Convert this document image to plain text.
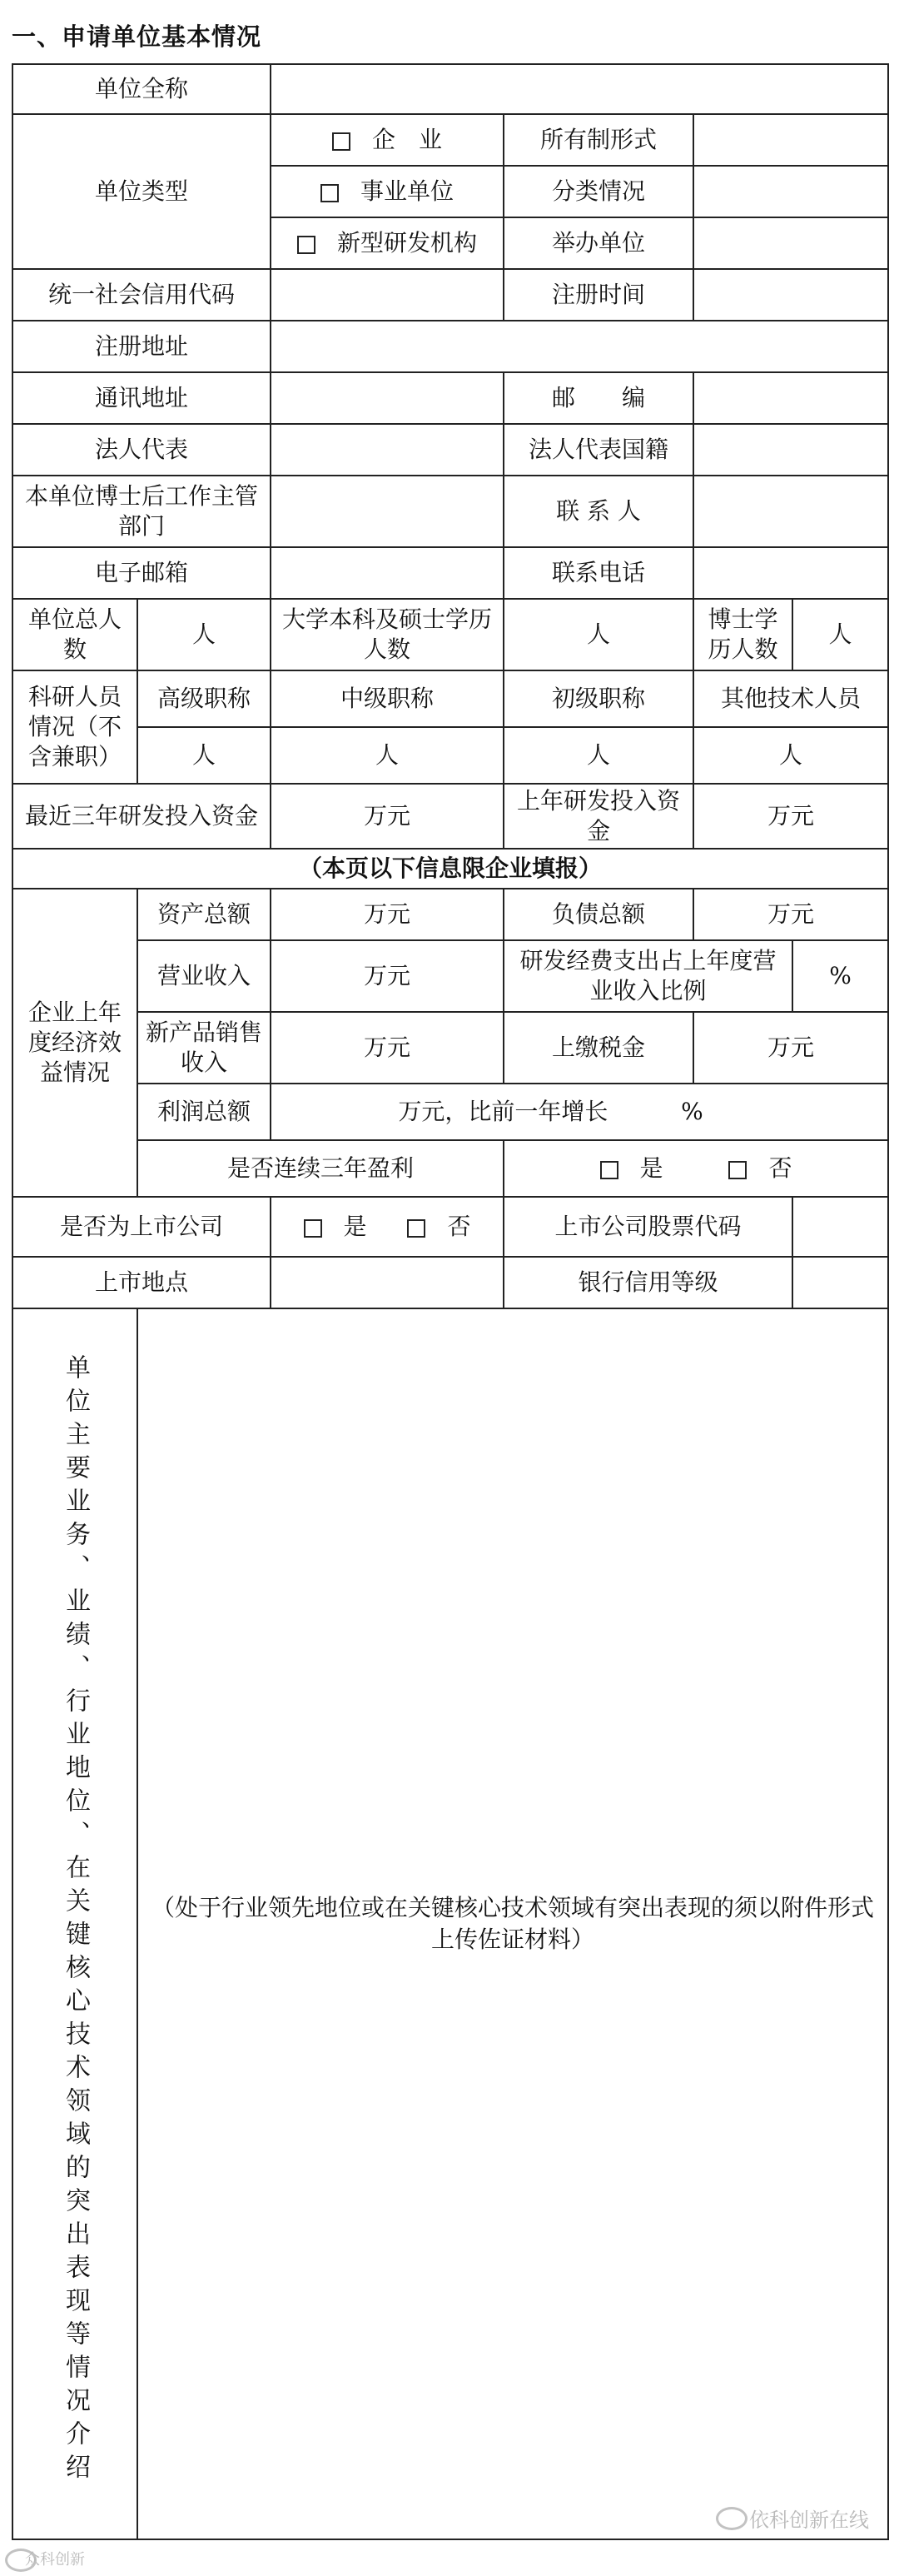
一、申请单位基本情况
单位全称					
单位类型		企　业	所有制形式		
		事业单位	分类情况		
		新型研发机构	举办单位		
统一社会信用代码			注册时间		
注册地址					
通讯地址			邮　　编		
法人代表			法人代表国籍		
本单位博士后工作主管部门			联 系 人		
电子邮箱			联系电话		
单位总人数	人	大学本科及硕士学历人数	人	博士学历人数	人
科研人员情况（不含兼职）	高级职称	中级职称	初级职称	其他技术人员	
	人	人	人	人	
最近三年研发投入资金		万元	上年研发投入资金	万元	
（本页以下信息限企业填报）					
企业上年度经济效益情况	资产总额	万元	负债总额	万元	
	营业收入	万元	研发经费支出占上年度营业收入比例		%
	新产品销售收入	万元	上缴税金	万元	
	利润总额	万元，比前一年增长 %			
	是否连续三年盈利		是 否		

是否为上市公司		是 否	上市公司股票代码		
上市地点			银行信用等级		
单位主要业务、业绩、行业地位、在关键核心技术领域的突出表现等情况介绍	（处于行业领先地位或在关键核心技术领域有突出表现的须以附件形式上传佐证材料）				
众科创新
依科创新在线
